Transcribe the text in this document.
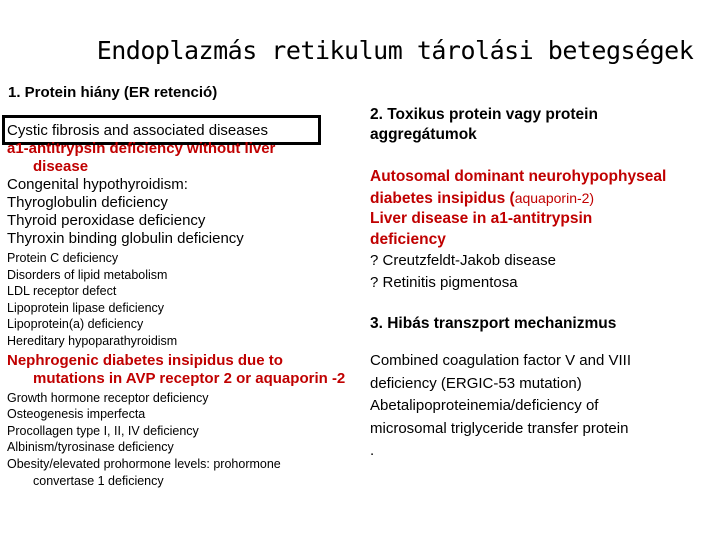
Endoplazmás retikulum tárolási betegségek
1. Protein hiány (ER retenció)
Cystic fibrosis and associated diseases
a1-antitrypsin deficiency without liver
disease
Congenital hypothyroidism:
Thyroglobulin deficiency
Thyroid peroxidase deficiency
Thyroxin binding globulin deficiency
Protein C deficiency
Disorders of lipid metabolism
LDL receptor defect
Lipoprotein lipase deficiency
Lipoprotein(a) deficiency
Hereditary hypoparathyroidism
Nephrogenic diabetes insipidus due to
mutations in AVP receptor 2 or aquaporin -2
Growth hormone receptor deficiency
Osteogenesis imperfecta
Procollagen type I, II, IV deficiency
Albinism/tyrosinase deficiency
Obesity/elevated prohormone levels: prohormone
convertase 1 deficiency
2. Toxikus protein vagy protein
aggregátumok
Autosomal dominant neurohypophyseal
diabetes insipidus (aquaporin-2)
Liver disease in a1-antitrypsin
deficiency
? Creutzfeldt-Jakob disease
? Retinitis pigmentosa
3. Hibás transzport mechanizmus
Combined coagulation factor V and VIII
deficiency (ERGIC-53 mutation)
Abetalipoproteinemia/deficiency of
microsomal triglyceride transfer protein
.
